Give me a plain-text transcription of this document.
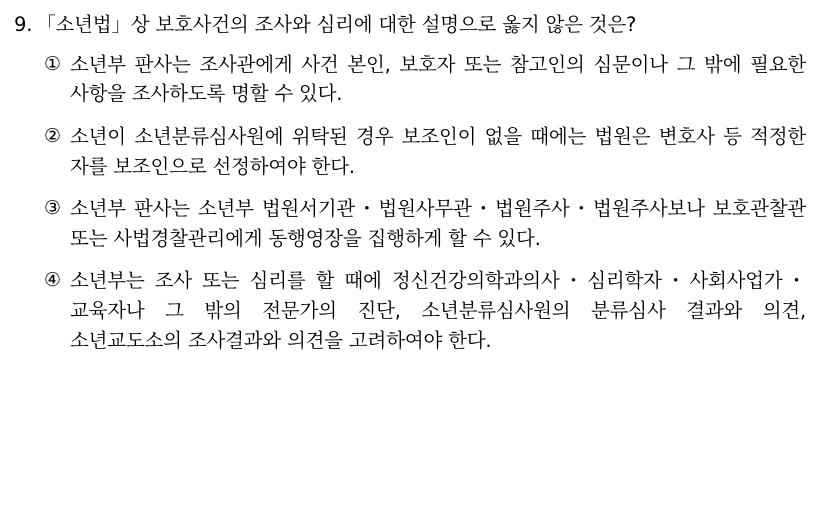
9. 「소년법」상 보호사건의 조사와 심리에 대한 설명으로 옳지 않은 것은?
① 소년부 판사는 조사관에게 사건 본인, 보호자 또는 참고인의 심문이나 그 밖에 필요한 사항을 조사하도록 명할 수 있다.
② 소년이 소년분류심사원에 위탁된 경우 보조인이 없을 때에는 법원은 변호사 등 적정한 자를 보조인으로 선정하여야 한다.
③ 소년부 판사는 소년부 법원서기관・법원사무관・법원주사・법원주사보나 보호관찰관 또는 사법경찰관리에게 동행영장을 집행하게 할 수 있다.
④ 소년부는 조사 또는 심리를 할 때에 정신건강의학과의사・심리학자・사회사업가・교육자나 그 밖의 전문가의 진단, 소년분류심사원의 분류심사 결과와 의견, 소년교도소의 조사결과와 의견을 고려하여야 한다.
